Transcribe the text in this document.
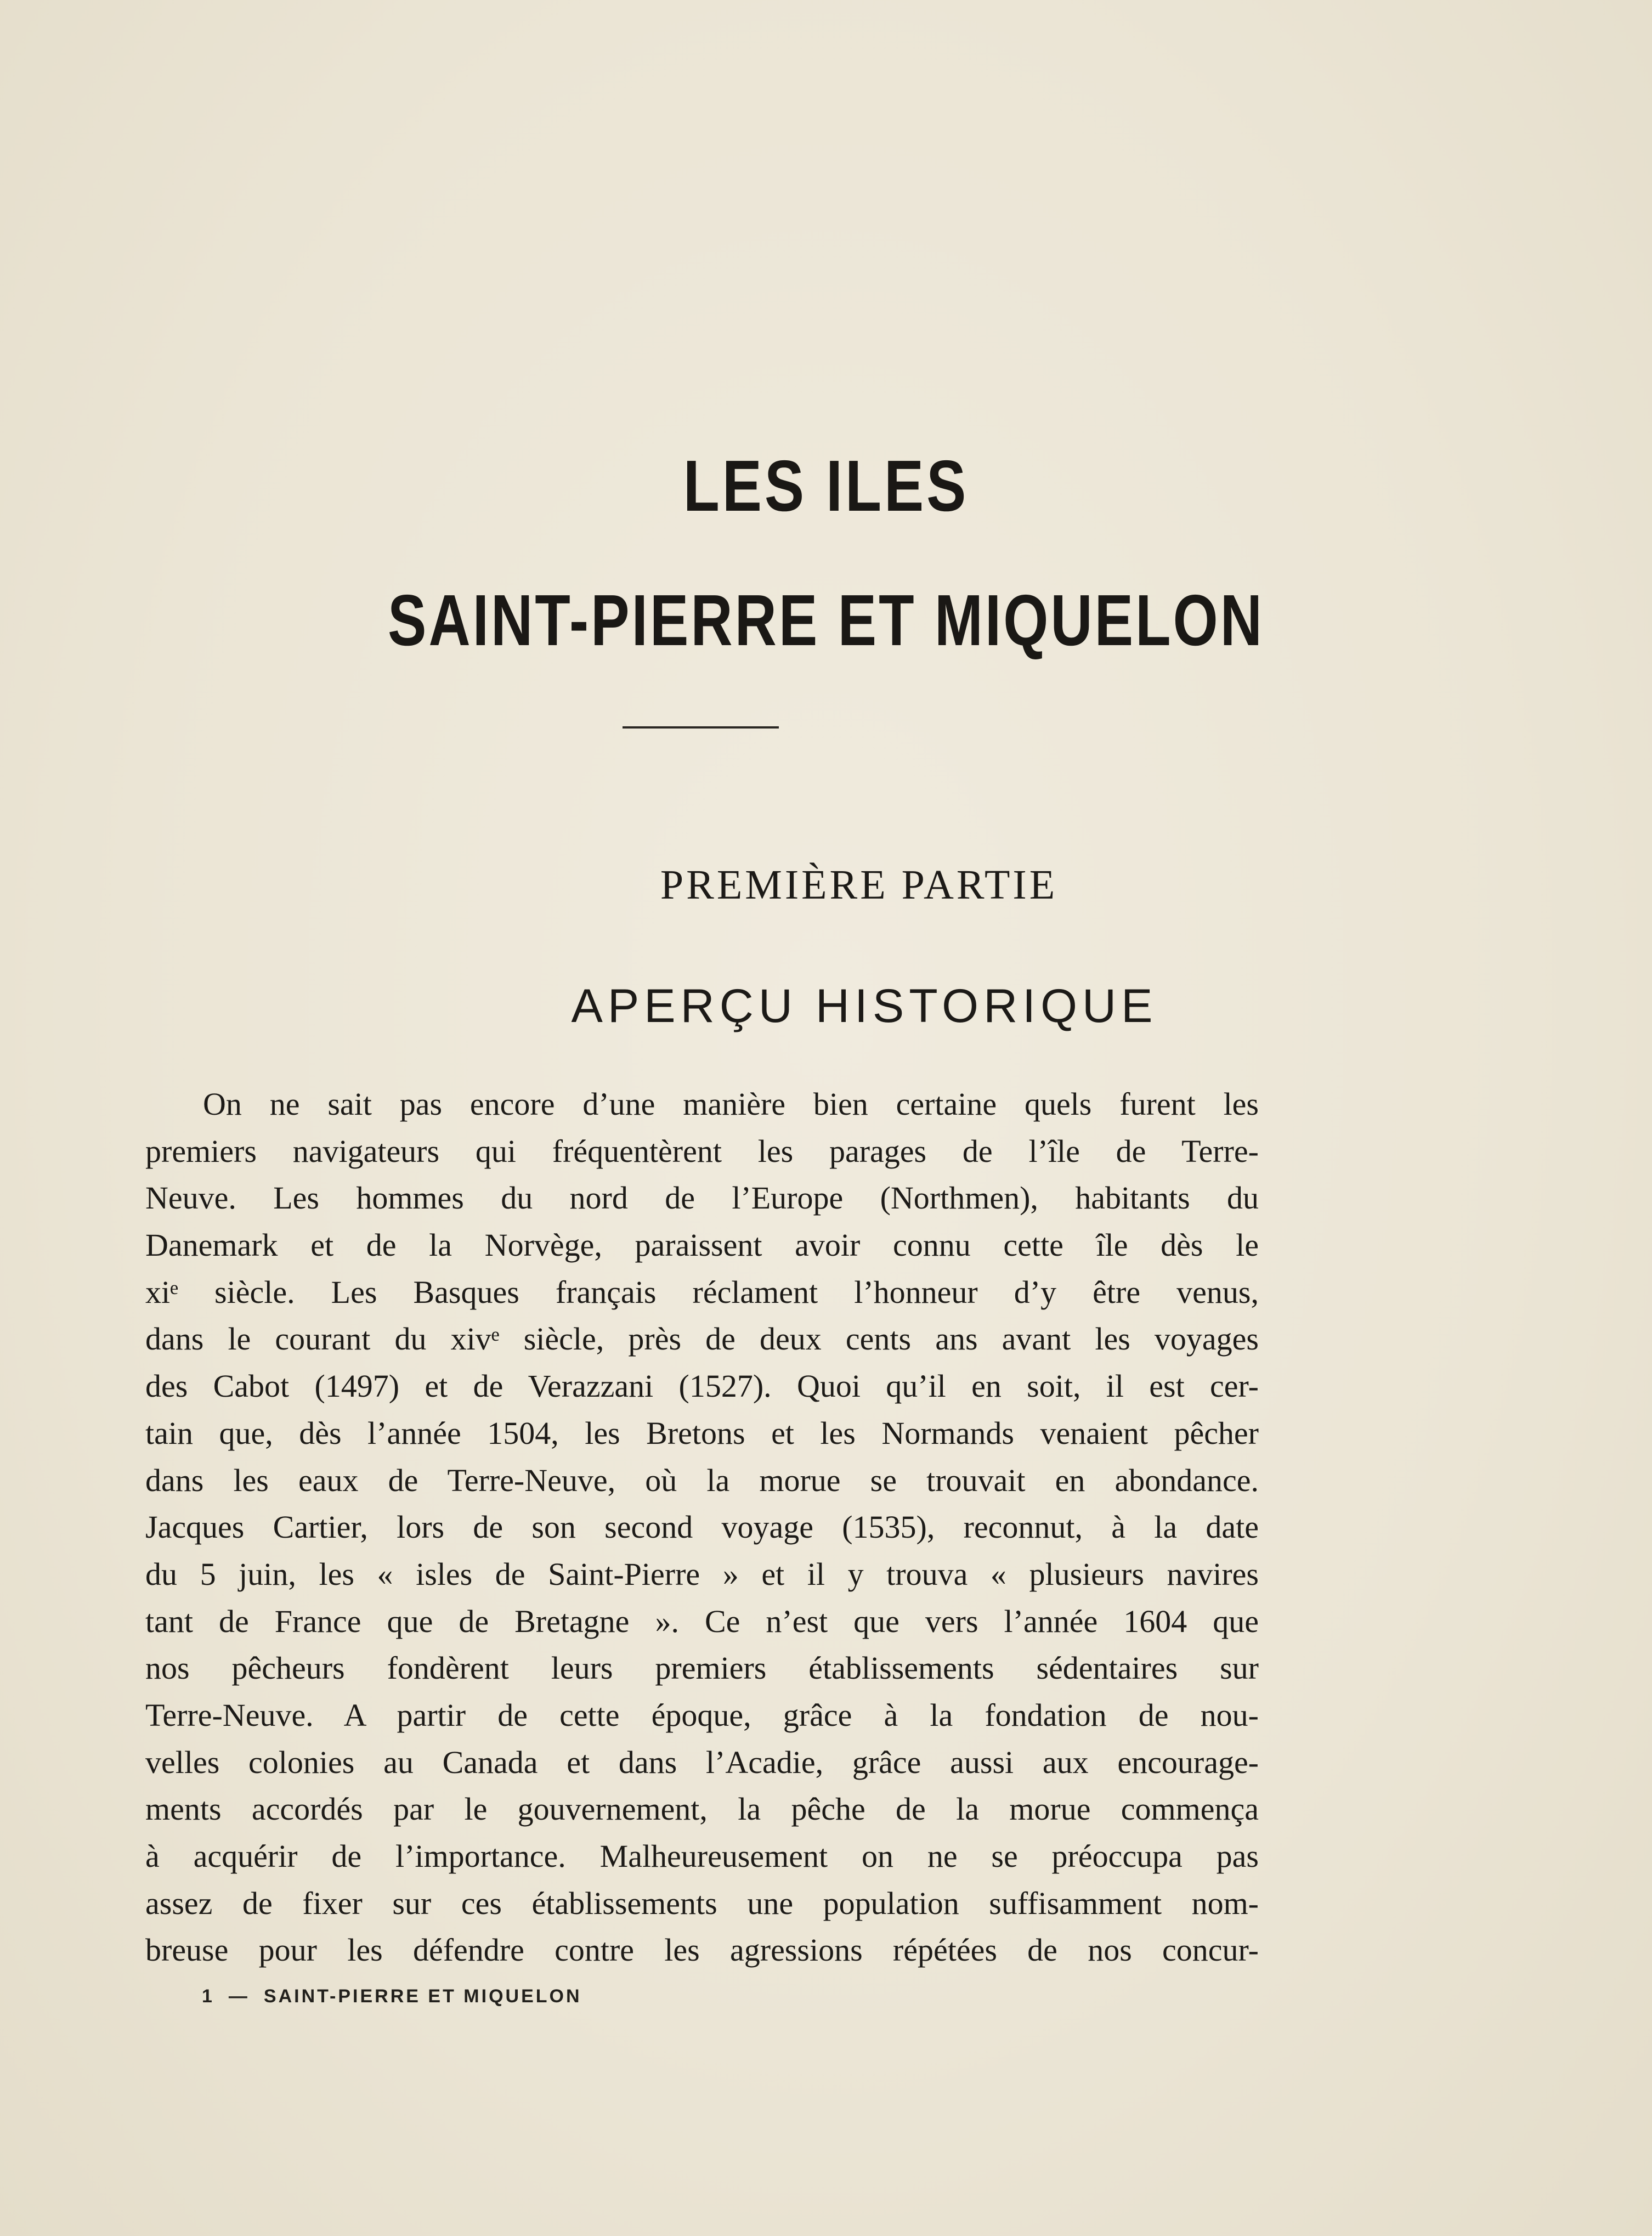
LES ILES
SAINT-PIERRE ET MIQUELON
PREMIÈRE PARTIE
APERÇU HISTORIQUE
On ne sait pas encore d’une manière bien certaine quels furent les
premiers navigateurs qui fréquentèrent les parages de l’île de Terre-
Neuve. Les hommes du nord de l’Europe (Northmen), habitants du
Danemark et de la Norvège, paraissent avoir connu cette île dès le
xiᵉ siècle. Les Basques français réclament l’honneur d’y être venus,
dans le courant du xivᵉ siècle, près de deux cents ans avant les voyages
des Cabot (1497) et de Verazzani (1527). Quoi qu’il en soit, il est cer-
tain que, dès l’année 1504, les Bretons et les Normands venaient pêcher
dans les eaux de Terre-Neuve, où la morue se trouvait en abondance.
Jacques Cartier, lors de son second voyage (1535), reconnut, à la date
du 5 juin, les « isles de Saint-Pierre » et il y trouva « plusieurs navires
tant de France que de Bretagne ». Ce n’est que vers l’année 1604 que
nos pêcheurs fondèrent leurs premiers établissements sédentaires sur
Terre-Neuve. A partir de cette époque, grâce à la fondation de nou-
velles colonies au Canada et dans l’Acadie, grâce aussi aux encourage-
ments accordés par le gouvernement, la pêche de la morue commença
à acquérir de l’importance. Malheureusement on ne se préoccupa pas
assez de fixer sur ces établissements une population suffisamment nom-
breuse pour les défendre contre les agressions répétées de nos concur-
1 — SAINT-PIERRE ET MIQUELON
